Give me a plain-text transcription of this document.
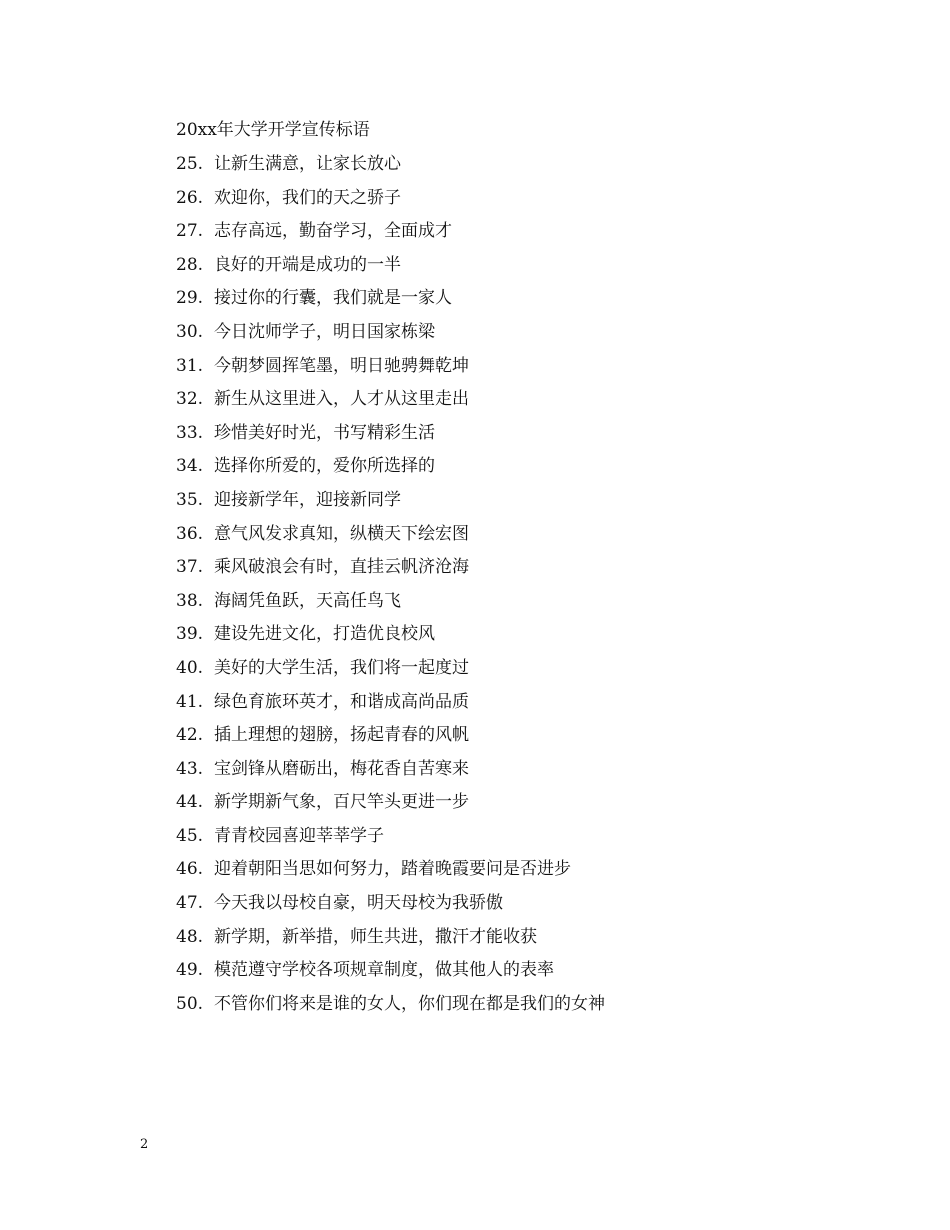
20xx年大学开学宣传标语
25. 让新生满意，让家长放心
26. 欢迎你，我们的天之骄子
27. 志存高远，勤奋学习，全面成才
28. 良好的开端是成功的一半
29. 接过你的行囊，我们就是一家人
30. 今日沈师学子，明日国家栋梁
31. 今朝梦圆挥笔墨，明日驰骋舞乾坤
32. 新生从这里进入，人才从这里走出
33. 珍惜美好时光，书写精彩生活
34. 选择你所爱的，爱你所选择的
35. 迎接新学年，迎接新同学
36. 意气风发求真知，纵横天下绘宏图
37. 乘风破浪会有时，直挂云帆济沧海
38. 海阔凭鱼跃，天高任鸟飞
39. 建设先进文化，打造优良校风
40. 美好的大学生活，我们将一起度过
41. 绿色育旅环英才，和谐成高尚品质
42. 插上理想的翅膀，扬起青春的风帆
43. 宝剑锋从磨砺出，梅花香自苦寒来
44. 新学期新气象，百尺竿头更进一步
45. 青青校园喜迎莘莘学子
46. 迎着朝阳当思如何努力，踏着晚霞要问是否进步
47. 今天我以母校自豪，明天母校为我骄傲
48. 新学期，新举措，师生共进，撒汗才能收获
49. 模范遵守学校各项规章制度，做其他人的表率
50. 不管你们将来是谁的女人，你们现在都是我们的女神
2
